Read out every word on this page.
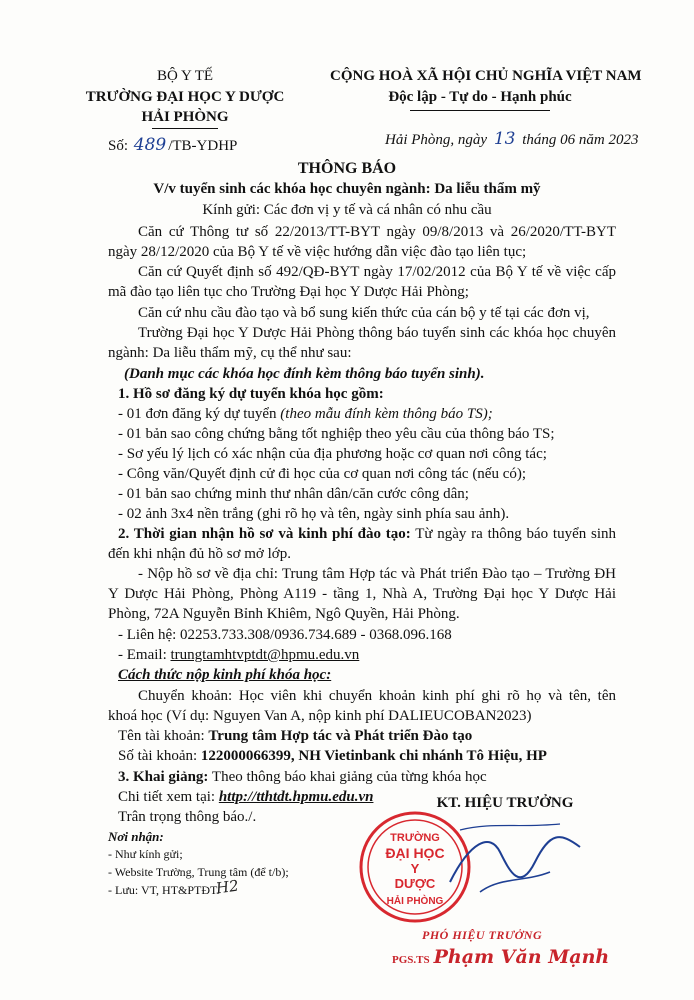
BỘ Y TẾ
TRƯỜNG ĐẠI HỌC Y DƯỢC
HẢI PHÒNG
Số: 489 /TB-YDHP
CỘNG HOÀ XÃ HỘI CHỦ NGHĨA VIỆT NAM
Độc lập - Tự do - Hạnh phúc
Hải Phòng, ngày 13 tháng 06 năm 2023
THÔNG BÁO
V/v tuyển sinh các khóa học chuyên ngành: Da liễu thẩm mỹ
Kính gửi: Các đơn vị y tế và cá nhân có nhu cầu
Căn cứ Thông tư số 22/2013/TT-BYT ngày 09/8/2013 và 26/2020/TT-BYT
ngày 28/12/2020 của Bộ Y tế về việc hướng dẫn việc đào tạo liên tục;
Căn cứ Quyết định số 492/QĐ-BYT ngày 17/02/2012 của Bộ Y tế về việc cấp
mã đào tạo liên tục cho Trường Đại học Y Dược Hải Phòng;
Căn cứ nhu cầu đào tạo và bổ sung kiến thức của cán bộ y tế tại các đơn vị,
Trường Đại học Y Dược Hải Phòng thông báo tuyển sinh các khóa học chuyên
ngành: Da liễu thẩm mỹ, cụ thể như sau:
(Danh mục các khóa học đính kèm thông báo tuyển sinh).
1. Hồ sơ đăng ký dự tuyển khóa học gồm:
- 01 đơn đăng ký dự tuyển (theo mẫu đính kèm thông báo TS);
- 01 bản sao công chứng bằng tốt nghiệp theo yêu cầu của thông báo TS;
- Sơ yếu lý lịch có xác nhận của địa phương hoặc cơ quan nơi công tác;
- Công văn/Quyết định cử đi học của cơ quan nơi công tác (nếu có);
- 01 bản sao chứng minh thư nhân dân/căn cước công dân;
- 02 ảnh 3x4 nền trắng (ghi rõ họ và tên, ngày sinh phía sau ảnh).
2. Thời gian nhận hồ sơ và kinh phí đào tạo: Từ ngày ra thông báo tuyển sinh
đến khi nhận đủ hồ sơ mở lớp.
- Nộp hồ sơ về địa chỉ: Trung tâm Hợp tác và Phát triển Đào tạo – Trường ĐH
Y Dược Hải Phòng, Phòng A119 - tầng 1, Nhà A, Trường Đại học Y Dược Hải
Phòng, 72A Nguyễn Bỉnh Khiêm, Ngô Quyền, Hải Phòng.
- Liên hệ: 02253.733.308/0936.734.689 - 0368.096.168
- Email: trungtamhtvptdt@hpmu.edu.vn
Cách thức nộp kinh phí khóa học:
Chuyển khoản: Học viên khi chuyển khoản kinh phí ghi rõ họ và tên, tên
khoá học (Ví dụ: Nguyen Van A, nộp kinh phí DALIEUCOBAN2023)
Tên tài khoản: Trung tâm Hợp tác và Phát triển Đào tạo
Số tài khoản: 122000066399, NH Vietinbank chi nhánh Tô Hiệu, HP
3. Khai giảng: Theo thông báo khai giảng của từng khóa học
Chi tiết xem tại: http://tthtdt.hpmu.edu.vn
Trân trọng thông báo./.
Nơi nhận:
- Như kính gửi;
- Website Trường, Trung tâm (để t/b);
- Lưu: VT, HT&PTĐT.
H2
KT. HIỆU TRƯỞNG
TRƯỜNG
ĐẠI HỌC
Y
DƯỢC
HẢI PHÒNG
PHÓ HIỆU TRƯỞNG
PGS.TS Phạm Văn Mạnh
